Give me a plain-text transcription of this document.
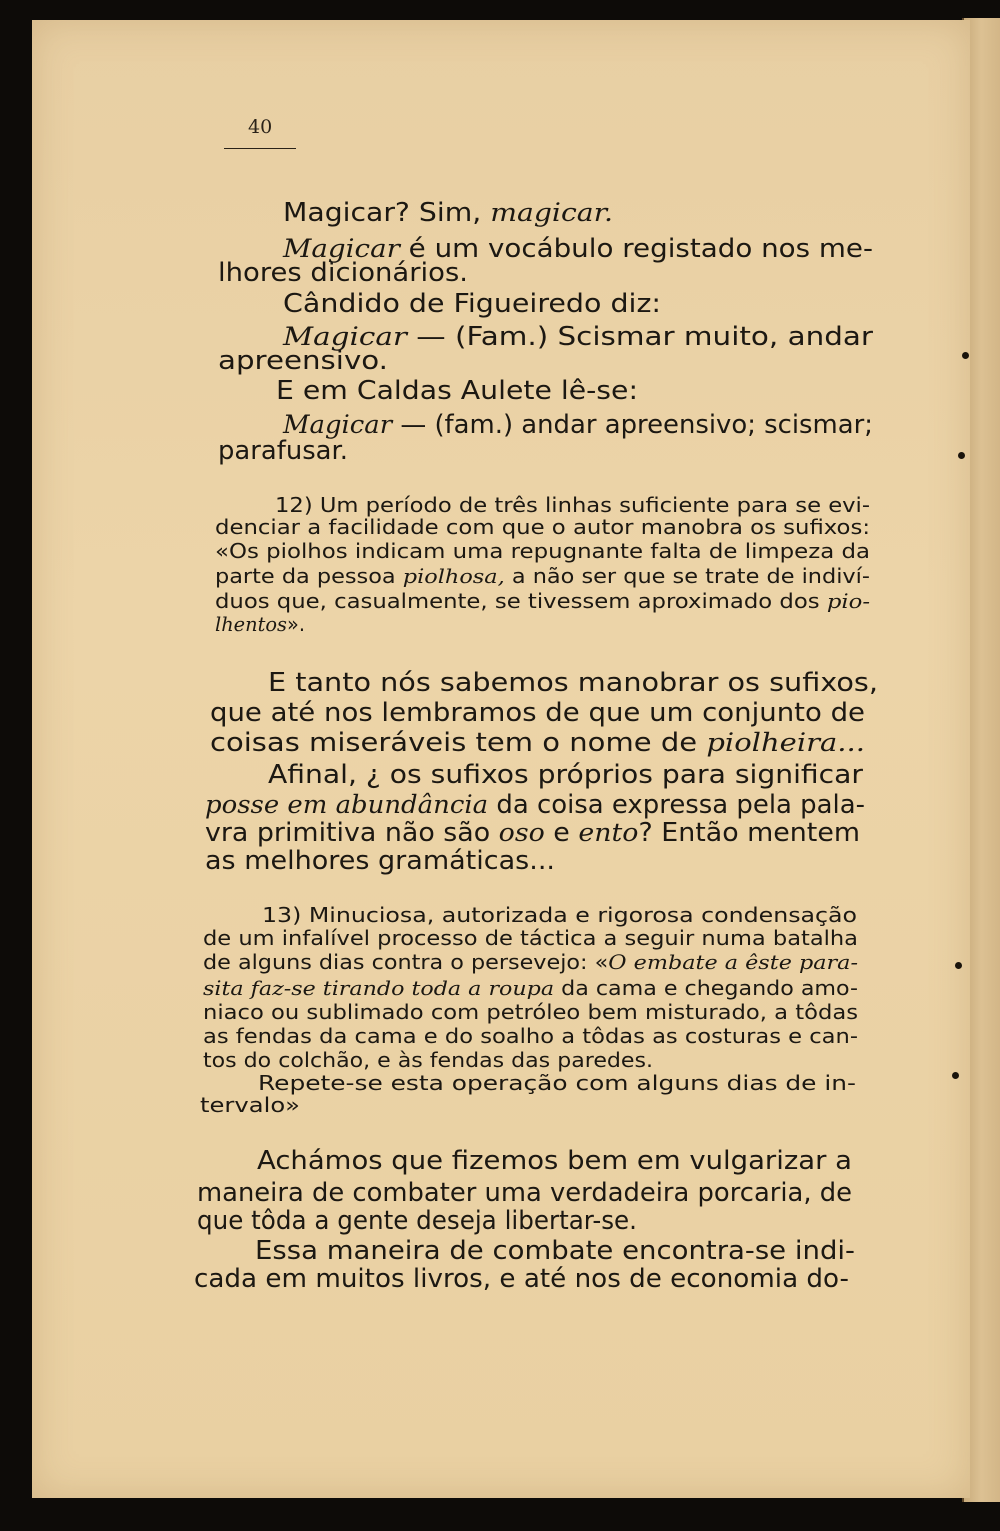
40
Magicar? Sim, magicar.
Magicar é um vocábulo registado nos me-
lhores dicionários.
Cândido de Figueiredo diz:
Magicar — (Fam.) Scismar muito, andar
apreensivo.
E em Caldas Aulete lê-se:
Magicar — (fam.) andar apreensivo; scismar;
parafusar.
12) Um período de três linhas suficiente para se evi-
denciar a facilidade com que o autor manobra os sufixos:
«Os piolhos indicam uma repugnante falta de limpeza da
parte da pessoa piolhosa, a não ser que se trate de indiví-
duos que, casualmente, se tivessem aproximado dos pio-
lhentos».
E tanto nós sabemos manobrar os sufixos,
que até nos lembramos de que um conjunto de
coisas miseráveis tem o nome de piolheira...
Afinal, ¿ os sufixos próprios para significar
posse em abundância da coisa expressa pela pala-
vra primitiva não são oso e ento? Então mentem
as melhores gramáticas...
13) Minuciosa, autorizada e rigorosa condensação
de um infalível processo de táctica a seguir numa batalha
de alguns dias contra o persevejo: «O embate a êste para-
sita faz-se tirando toda a roupa da cama e chegando amo-
niaco ou sublimado com petróleo bem misturado, a tôdas
as fendas da cama e do soalho a tôdas as costuras e can-
tos do colchão, e às fendas das paredes.
Repete-se esta operação com alguns dias de in-
tervalo»
Achámos que fizemos bem em vulgarizar a
maneira de combater uma verdadeira porcaria, de
que tôda a gente deseja libertar-se.
Essa maneira de combate encontra-se indi-
cada em muitos livros, e até nos de economia do-
